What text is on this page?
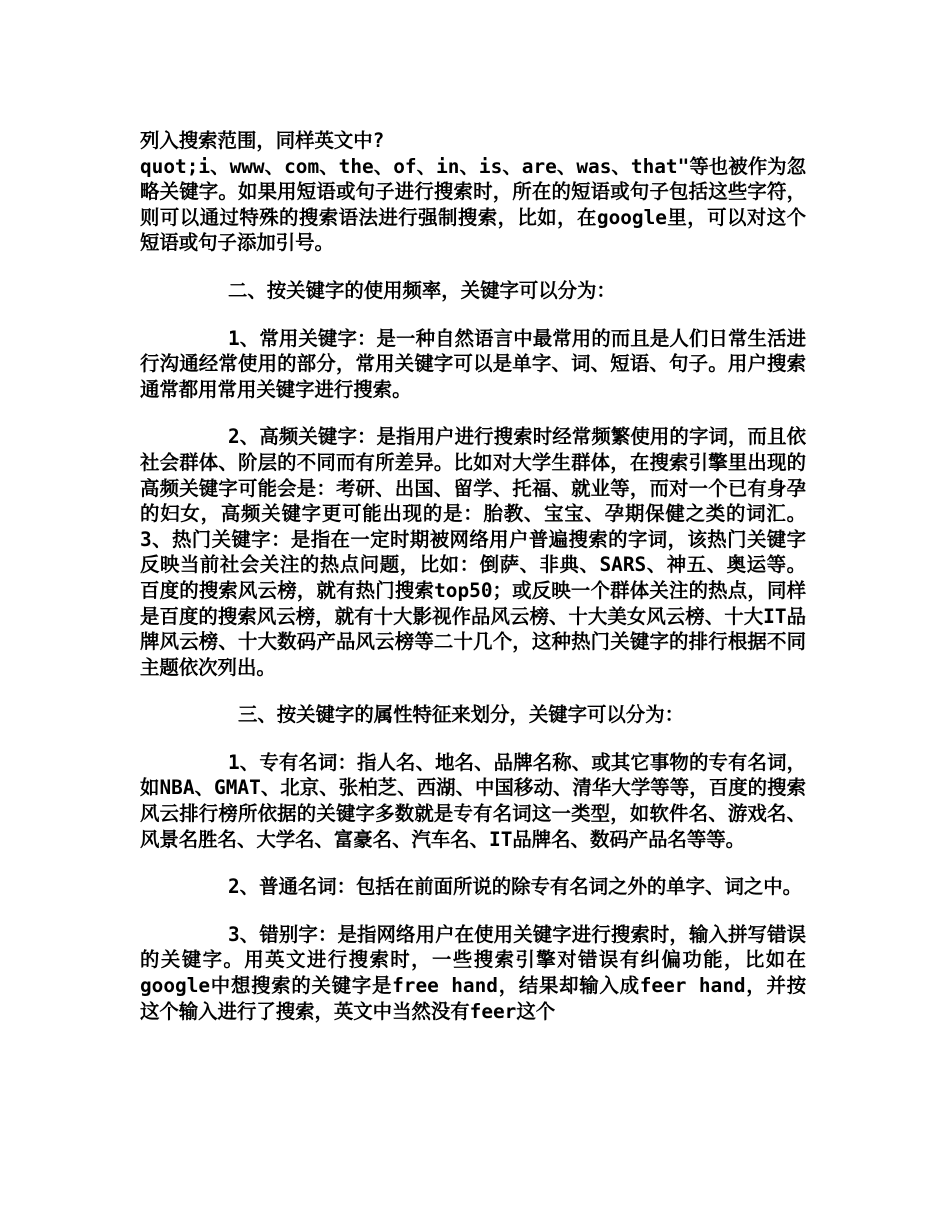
列入搜索范围，同样英文中?

quot;i、www、com、the、of、in、is、are、was、that"等也被作为忽略关键字。如果用短语或句子进行搜索时，所在的短语或句子包括这些字符，则可以通过特殊的搜索语法进行强制搜索，比如，在google里，可以对这个短语或句子添加引号。

二、按关键字的使用频率，关键字可以分为：

1、常用关键字：是一种自然语言中最常用的而且是人们日常生活进行沟通经常使用的部分，常用关键字可以是单字、词、短语、句子。用户搜索通常都用常用关键字进行搜索。

2、高频关键字：是指用户进行搜索时经常频繁使用的字词，而且依社会群体、阶层的不同而有所差异。比如对大学生群体，在搜索引擎里出现的高频关键字可能会是：考研、出国、留学、托福、就业等，而对一个已有身孕的妇女，高频关键字更可能出现的是：胎教、宝宝、孕期保健之类的词汇。 3、热门关键字：是指在一定时期被网络用户普遍搜索的字词，该热门关键字反映当前社会关注的热点问题，比如：倒萨、非典、SARS、神五、奥运等。百度的搜索风云榜，就有热门搜索top50；或反映一个群体关注的热点，同样是百度的搜索风云榜，就有十大影视作品风云榜、十大美女风云榜、十大IT品牌风云榜、十大数码产品风云榜等二十几个，这种热门关键字的排行根据不同主题依次列出。

三、按关键字的属性特征来划分，关键字可以分为：

1、专有名词：指人名、地名、品牌名称、或其它事物的专有名词，如NBA、GMAT、北京、张柏芝、西湖、中国移动、清华大学等等，百度的搜索风云排行榜所依据的关键字多数就是专有名词这一类型，如软件名、游戏名、风景名胜名、大学名、富豪名、汽车名、IT品牌名、数码产品名等等。

2、普通名词：包括在前面所说的除专有名词之外的单字、词之中。

3、错别字：是指网络用户在使用关键字进行搜索时，输入拼写错误的关键字。用英文进行搜索时，一些搜索引擎对错误有纠偏功能，比如在google中想搜索的关键字是free hand，结果却输入成feer hand，并按这个输入进行了搜索，英文中当然没有feer这个
